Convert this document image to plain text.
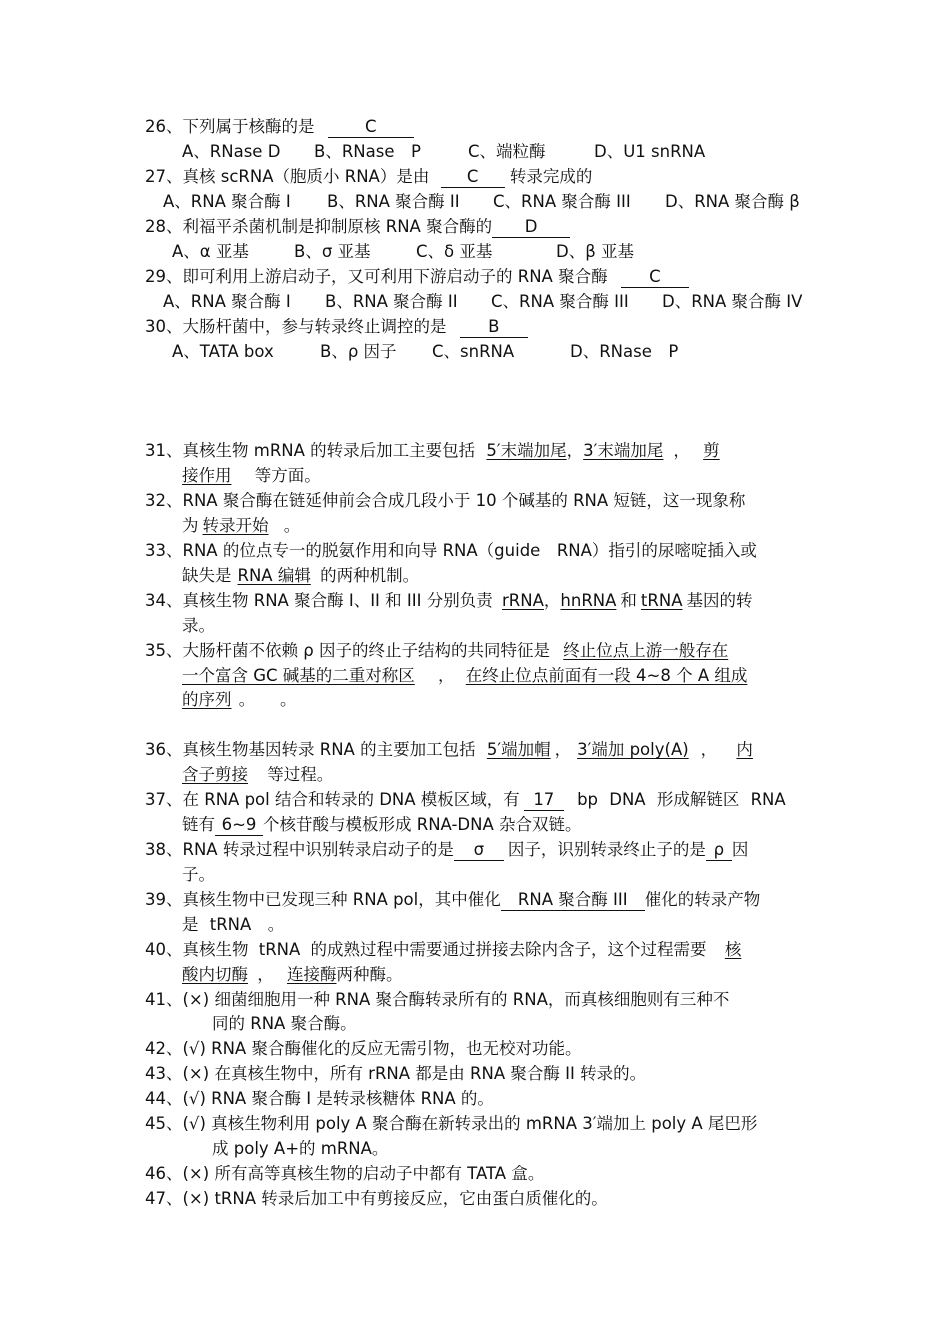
26、下列属于核酶的是	C
A、RNase D B、RNase　P	C、端粒酶	D、U1 snRNA
27、真核 scRNA（胞质小 RNA）是由 C 转录完成的
A、RNA 聚合酶 I B、RNA 聚合酶 II C、RNA 聚合酶 III D、RNA 聚合酶 β
28、利福平杀菌机制是抑制原核 RNA 聚合酶的 D
A、α 亚基	B、σ 亚基	C、δ 亚基	D、β 亚基
29、即可利用上游启动子，又可利用下游启动子的 RNA 聚合酶	C
A、RNA 聚合酶 I B、RNA 聚合酶 II C、RNA 聚合酶 III D、RNA 聚合酶 IV
30、大肠杆菌中，参与转录终止调控的是	B
A、TATA box	B、ρ 因子 C、snRNA	D、RNase　P
31、真核生物 mRNA 的转录后加工主要包括 5′末端加尾，3′末端加尾 ， 剪
接作用 等方面。
32、RNA 聚合酶在链延伸前会合成几段小于 10 个碱基的 RNA 短链，这一现象称
为 转录开始 。
33、RNA 的位点专一的脱氨作用和向导 RNA（guide　RNA）指引的尿嘧啶插入或
缺失是 RNA 编辑 的两种机制。
34、真核生物 RNA 聚合酶 I、II 和 III 分别负责 rRNA，hnRNA 和 tRNA 基因的转
录。
35、大肠杆菌不依赖 ρ 因子的终止子结构的共同特征是 终止位点上游一般存在
一个富含 GC 碱基的二重对称区 ， 在终止位点前面有一段 4~8 个 A 组成
的序列 。　　。
36、真核生物基因转录 RNA 的主要加工包括 5′端加帽 ， 3′端加 poly(A) ， 内
含子剪接 等过程。
37、在 RNA pol 结合和转录的 DNA 模板区域，有 17 bp DNA 形成解链区 RNA
链有 6~9 个核苷酸与模板形成 RNA-DNA 杂合双链。
38、RNA 转录过程中识别转录启动子的是 σ 因子，识别转录终止子的是 ρ 因
子。
39、真核生物中已发现三种 RNA pol，其中催化 RNA 聚合酶 III 催化的转录产物
是 tRNA　。
40、真核生物 tRNA 的成熟过程中需要通过拼接去除内含子，这个过程需要 核
酸内切酶 ， 连接酶两种酶。
41、(×) 细菌细胞用一种 RNA 聚合酶转录所有的 RNA，而真核细胞则有三种不
同的 RNA 聚合酶。
42、(√) RNA 聚合酶催化的反应无需引物，也无校对功能。
43、(×) 在真核生物中，所有 rRNA 都是由 RNA 聚合酶 II 转录的。
44、(√) RNA 聚合酶 I 是转录核糖体 RNA 的。
45、(√) 真核生物利用 poly A 聚合酶在新转录出的 mRNA 3′端加上 poly A 尾巴形
成 poly A+的 mRNA。
46、(×) 所有高等真核生物的启动子中都有 TATA 盒。
47、(×) tRNA 转录后加工中有剪接反应，它由蛋白质催化的。
